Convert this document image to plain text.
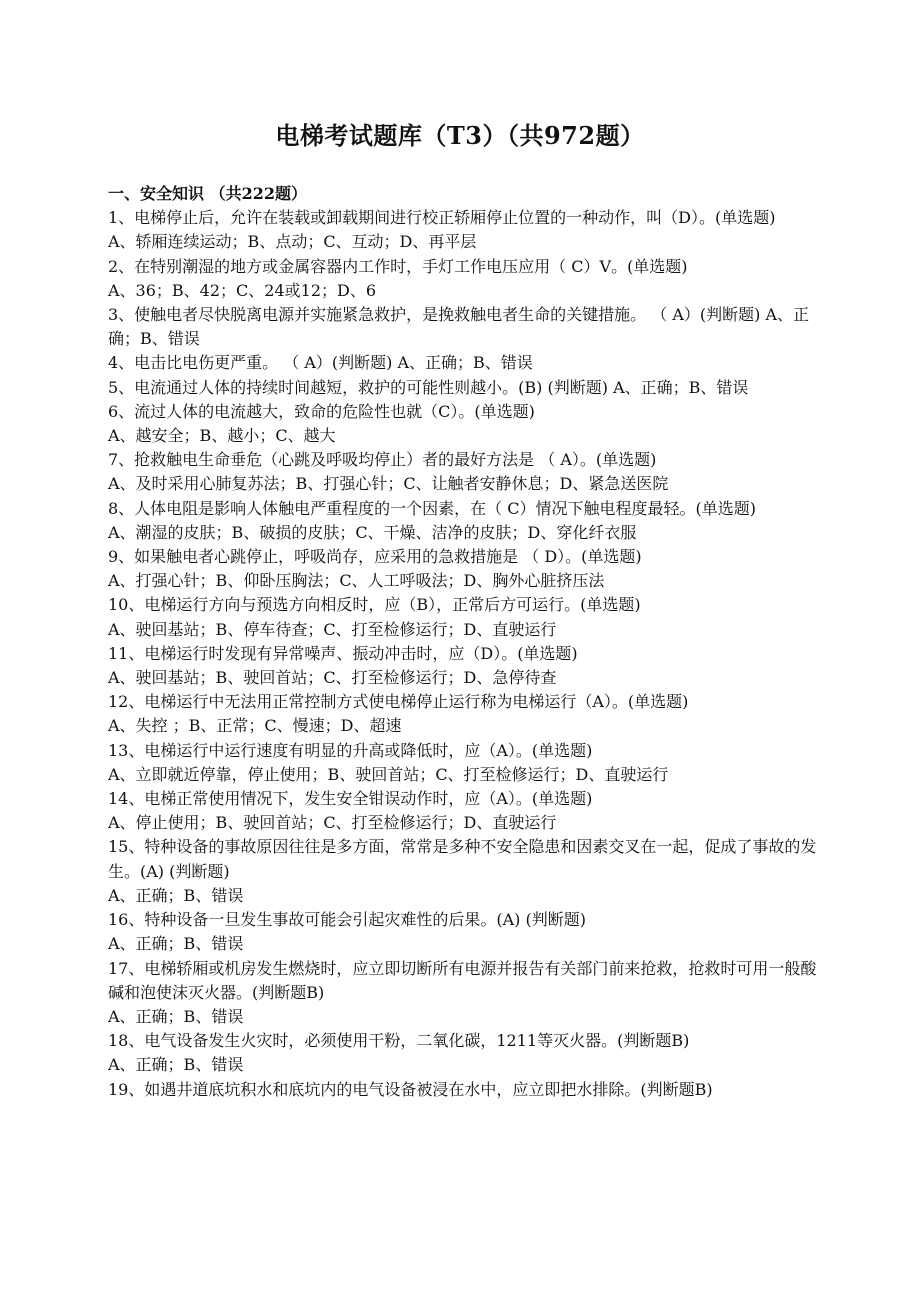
电梯考试题库（T3）（共972题）
一、安全知识 （共222题）
1、电梯停止后，允许在装载或卸载期间进行校正轿厢停止位置的一种动作，叫（D）。(单选题)
A、轿厢连续运动；B、点动；C、互动；D、再平层
2、在特别潮湿的地方或金属容器内工作时，手灯工作电压应用（ C）V。(单选题)
A、36；B、42；C、24或12；D、6
3、使触电者尽快脱离电源并实施紧急救护，是挽救触电者生命的关键措施。 （ A）(判断题) A、正确；B、错误
4、电击比电伤更严重。 （ A）(判断题) A、正确；B、错误
5、电流通过人体的持续时间越短，救护的可能性则越小。(B) (判断题) A、正确；B、错误
6、流过人体的电流越大，致命的危险性也就（C）。(单选题)
A、越安全；B、越小；C、越大
7、抢救触电生命垂危（心跳及呼吸均停止）者的最好方法是 （ A）。(单选题)
A、及时采用心肺复苏法；B、打强心针；C、让触者安静休息；D、紧急送医院
8、人体电阻是影响人体触电严重程度的一个因素，在（ C）情况下触电程度最轻。(单选题)
A、潮湿的皮肤；B、破损的皮肤；C、干燥、洁净的皮肤；D、穿化纤衣服
9、如果触电者心跳停止，呼吸尚存，应采用的急救措施是 （ D）。(单选题)
A、打强心针；B、仰卧压胸法；C、人工呼吸法；D、胸外心脏挤压法
10、电梯运行方向与预选方向相反时，应（B），正常后方可运行。(单选题)
A、驶回基站；B、停车待查；C、打至检修运行；D、直驶运行
11、电梯运行时发现有异常噪声、振动冲击时，应（D）。(单选题)
A、驶回基站；B、驶回首站；C、打至检修运行；D、急停待查
12、电梯运行中无法用正常控制方式使电梯停止运行称为电梯运行（A）。(单选题)
A、失控 ；B、正常；C、慢速；D、超速
13、电梯运行中运行速度有明显的升高或降低时，应（A）。(单选题)
A、立即就近停靠，停止使用；B、驶回首站；C、打至检修运行；D、直驶运行
14、电梯正常使用情况下，发生安全钳误动作时，应（A）。(单选题)
A、停止使用；B、驶回首站；C、打至检修运行；D、直驶运行
15、特种设备的事故原因往往是多方面，常常是多种不安全隐患和因素交叉在一起，促成了事故的发生。(A) (判断题)
A、正确；B、错误
16、特种设备一旦发生事故可能会引起灾难性的后果。(A) (判断题)
A、正确；B、错误
17、电梯轿厢或机房发生燃烧时，应立即切断所有电源并报告有关部门前来抢救，抢救时可用一般酸碱和泡使沫灭火器。(判断题B)
A、正确；B、错误
18、电气设备发生火灾时，必须使用干粉，二氧化碳，1211等灭火器。(判断题B)
A、正确；B、错误
19、如遇井道底坑积水和底坑内的电气设备被浸在水中，应立即把水排除。(判断题B)
